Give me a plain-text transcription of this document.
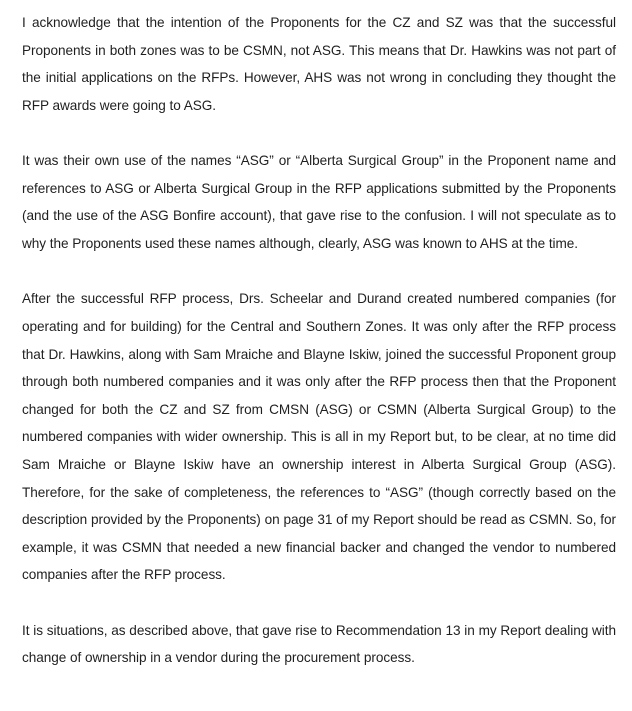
I acknowledge that the intention of the Proponents for the CZ and SZ was that the successful Proponents in both zones was to be CSMN, not ASG. This means that Dr. Hawkins was not part of the initial applications on the RFPs. However, AHS was not wrong in concluding they thought the RFP awards were going to ASG.

It was their own use of the names “ASG” or “Alberta Surgical Group” in the Proponent name and references to ASG or Alberta Surgical Group in the RFP applications submitted by the Proponents (and the use of the ASG Bonfire account), that gave rise to the confusion. I will not speculate as to why the Proponents used these names although, clearly, ASG was known to AHS at the time.

After the successful RFP process, Drs. Scheelar and Durand created numbered companies (for operating and for building) for the Central and Southern Zones. It was only after the RFP process that Dr. Hawkins, along with Sam Mraiche and Blayne Iskiw, joined the successful Proponent group through both numbered companies and it was only after the RFP process then that the Proponent changed for both the CZ and SZ from CMSN (ASG) or CSMN (Alberta Surgical Group) to the numbered companies with wider ownership. This is all in my Report but, to be clear, at no time did Sam Mraiche or Blayne Iskiw have an ownership interest in Alberta Surgical Group (ASG). Therefore, for the sake of completeness, the references to “ASG” (though correctly based on the description provided by the Proponents) on page 31 of my Report should be read as CSMN. So, for example, it was CSMN that needed a new financial backer and changed the vendor to numbered companies after the RFP process.

It is situations, as described above, that gave rise to Recommendation 13 in my Report dealing with change of ownership in a vendor during the procurement process.
